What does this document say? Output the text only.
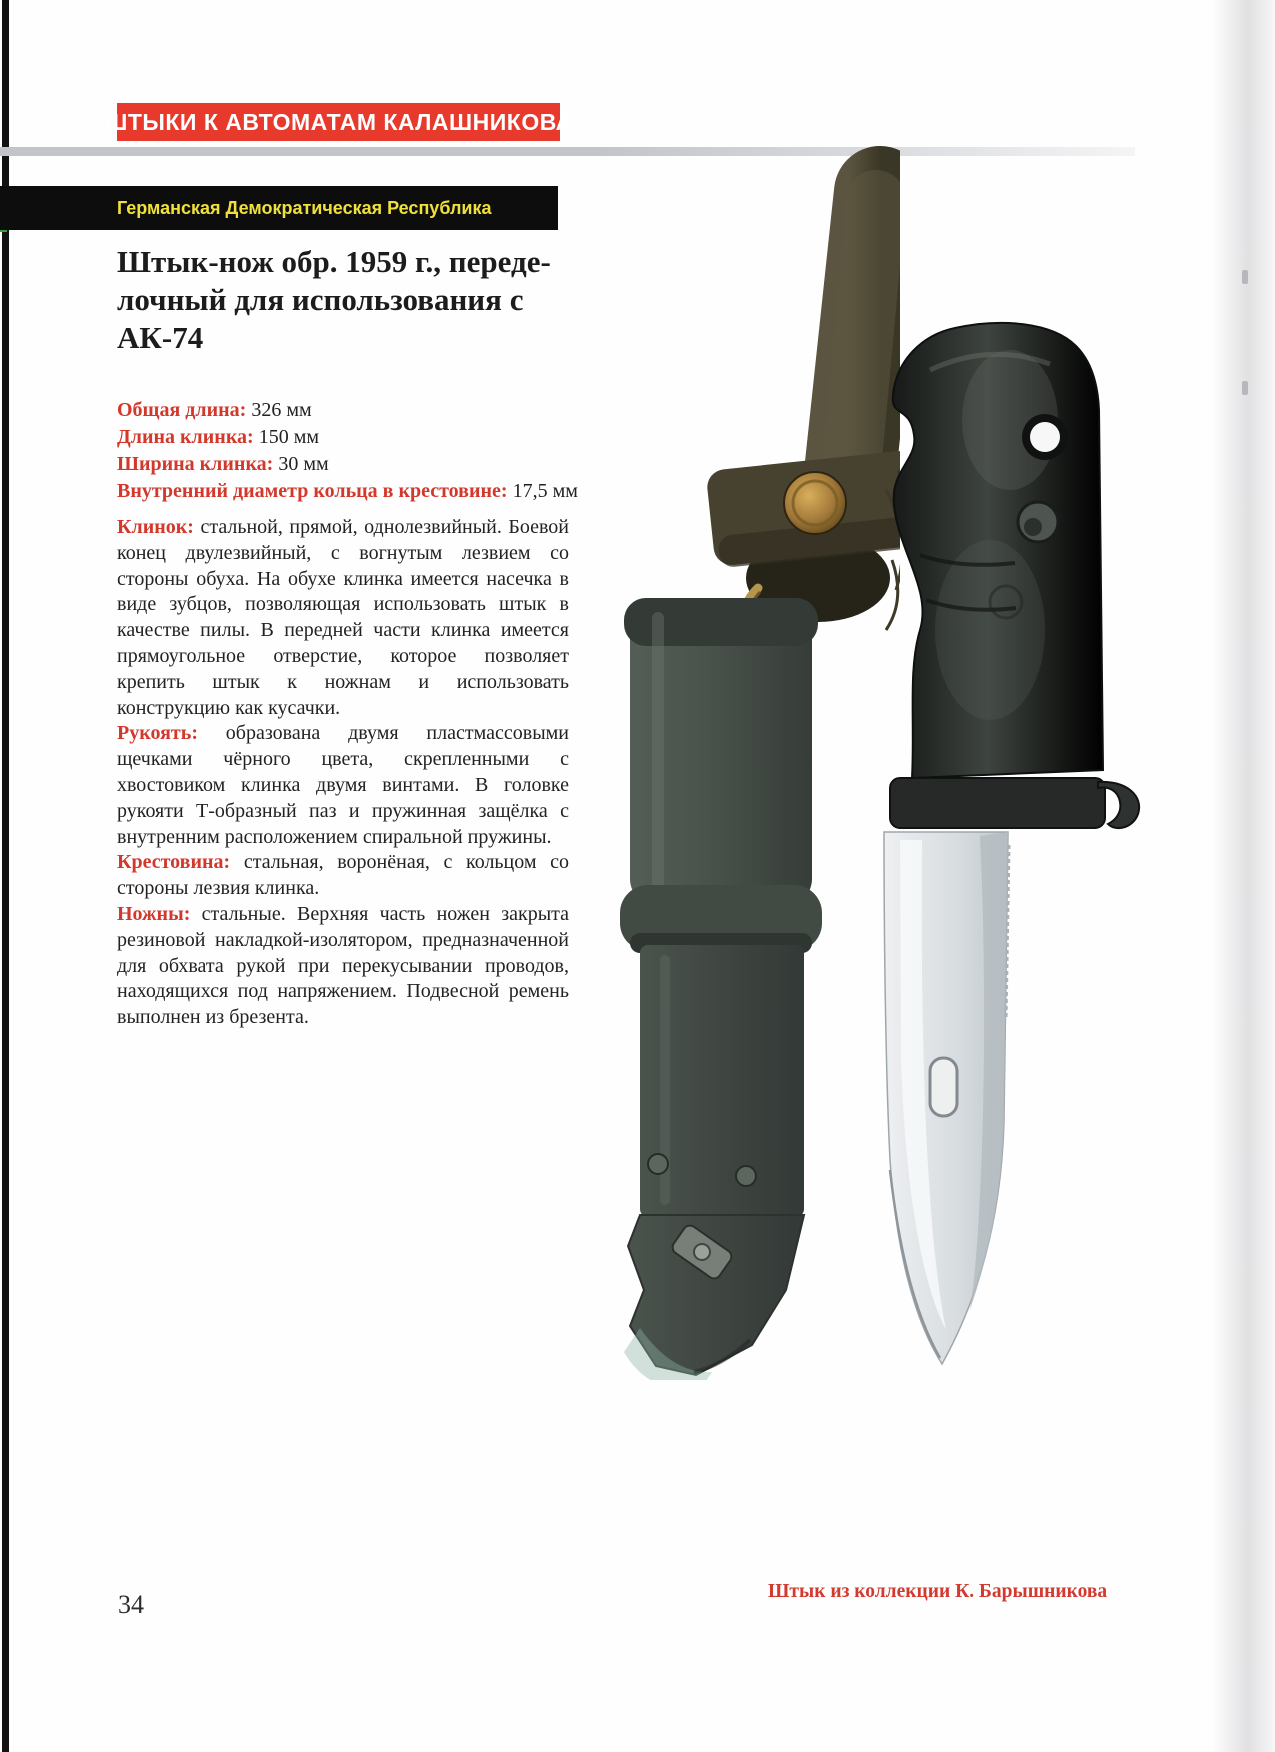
ШТЫКИ К АВТОМАТАМ КАЛАШНИКОВА
Германская Демократическая Республика
Штык-нож обр. 1959 г., переде-
лочный для использования с
АК-74
Общая длина: 326 мм
Длина клинка: 150 мм
Ширина клинка: 30 мм
Внутренний диаметр кольца в крестовине: 17,5 мм

Клинок: стальной, прямой, однолезвийный. Боевой конец двулезвийный, с вогнутым лезвием со стороны обуха. На обухе клинка имеется насечка в виде зубцов, позволяющая использовать штык в качестве пилы. В передней части клинка имеется прямоугольное отверстие, которое позволяет крепить штык к ножнам и использовать конструкцию как кусачки.

Рукоять: образована двумя пластмассовыми щечками чёрного цвета, скрепленными с хвостовиком клинка двумя винтами. В головке рукояти Т-образный паз и пружинная защёлка с внутренним расположением спиральной пружины.

Крестовина: стальная, воронёная, с кольцом со стороны лезвия клинка.

Ножны: стальные. Верхняя часть ножен закрыта резиновой накладкой-изолятором, предназначенной для обхвата рукой при перекусывании проводов, находящихся под напряжением. Подвесной ремень выполнен из брезента.

Штык из коллекции К. Барышникова
34
